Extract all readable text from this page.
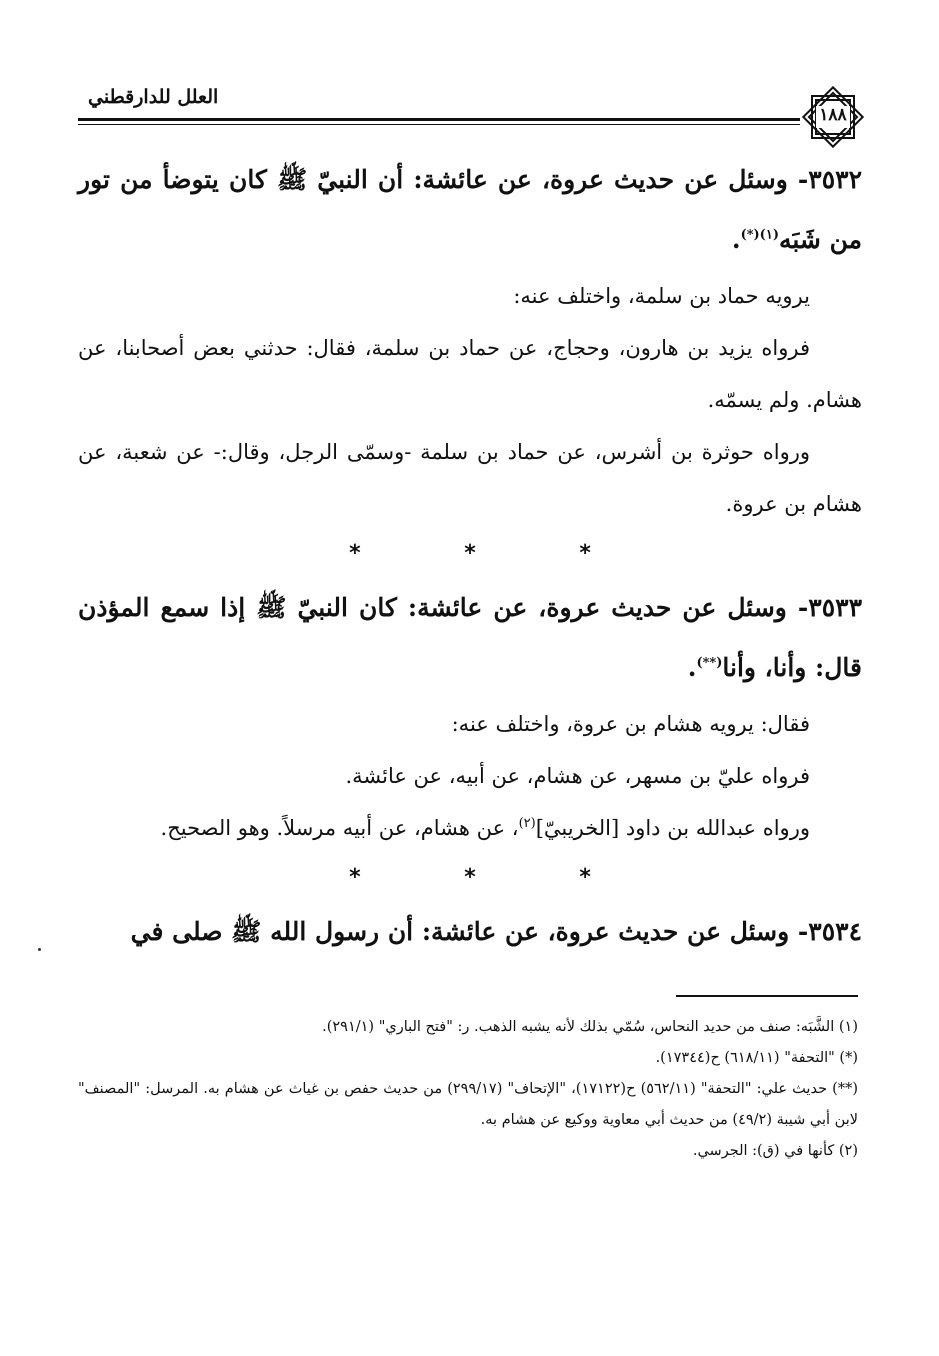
العلل للدارقطني
١٨٨

٣٥٣٢- وسئل عن حديث عروة، عن عائشة: أن النبيّ ﷺ كان يتوضأ من تور من شَبَه$^{(١)(*)}$.

يرويه حماد بن سلمة، واختلف عنه:

فرواه يزيد بن هارون، وحجاج، عن حماد بن سلمة، فقال: حدثني بعض أصحابنا، عن هشام. ولم يسمّه.

ورواه حوثرة بن أشرس، عن حماد بن سلمة -وسمّى الرجل، وقال:- عن شعبة، عن هشام بن عروة.

* * *

٣٥٣٣- وسئل عن حديث عروة، عن عائشة: كان النبيّ ﷺ إذا سمع المؤذن قال: وأنا، وأنا(**).

فقال: يرويه هشام بن عروة، واختلف عنه:

فرواه عليّ بن مسهر، عن هشام، عن أبيه، عن عائشة.

ورواه عبدالله بن داود [الخريبيّ]$^{(٢)}$، عن هشام، عن أبيه مرسلاً. وهو الصحيح.

* * *

٣٥٣٤- وسئل عن حديث عروة، عن عائشة: أن رسول الله ﷺ صلى في

(١) الشَّبَه: صنف من حديد النحاس، سُمّي بذلك لأنه يشبه الذهب. ر: "فتح الباري" (٢٩١/١).

(*) "التحفة" (٦١٨/١١) ح(١٧٣٤٤).

(**) حديث علي: "التحفة" (٥٦٢/١١) ح(١٧١٢٢)، "الإتحاف" (٢٩٩/١٧) من حديث حفص بن غياث عن هشام به. المرسل: "المصنف" لابن أبي شيبة (٤٩/٢) من حديث أبي معاوية ووكيع عن هشام به.

(٢) كأنها في (ق): الجرسي.
